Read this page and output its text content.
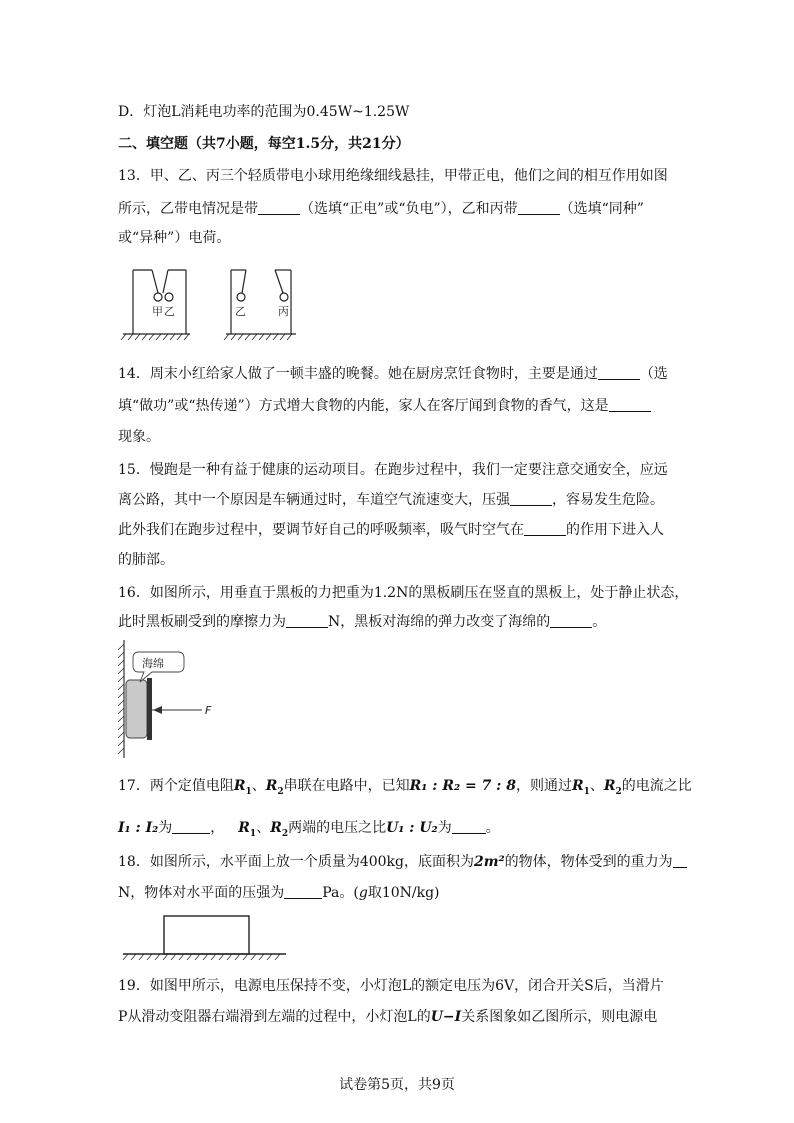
D．灯泡L消耗电功率的范围为0.45W~1.25W
二、填空题（共7小题，每空1.5分，共21分）
13．甲、乙、丙三个轻质带电小球用绝缘细线悬挂，甲带正电，他们之间的相互作用如图
所示，乙带电情况是带	（选填“正电”或“负电”），乙和丙带	（选填“同种”
或“异种”）电荷。
甲 乙	乙	丙
14．周末小红给家人做了一顿丰盛的晚餐。她在厨房烹饪食物时，主要是通过	（选
填“做功”或“热传递”）方式增大食物的内能，家人在客厅闻到食物的香气，这是
现象。
15．慢跑是一种有益于健康的运动项目。在跑步过程中，我们一定要注意交通安全，应远
离公路，其中一个原因是车辆通过时，车道空气流速变大，压强	，容易发生危险。
此外我们在跑步过程中，要调节好自己的呼吸频率，吸气时空气在	的作用下进入人
的肺部。
16．如图所示，用垂直于黑板的力把重为1.2N的黑板刷压在竖直的黑板上，处于静止状态，
此时黑板刷受到的摩擦力为	N，黑板对海绵的弹力改变了海绵的	。
海绵
F
17．两个定值电阻$R_1$、$R_2$串联在电路中，已知R₁ : R₂ = 7 : 8，则通过$R_1$、$R_2$的电流之比
I₁ : I₂为	， $R_1$、$R_2$两端的电压之比U₁ : U₂为 。
18．如图所示，水平面上放一个质量为400kg，底面积为2m²的物体，物体受到的重力为
N，物体对水平面的压强为	Pa。(g取10N/kg)
19．如图甲所示，电源电压保持不变，小灯泡L的额定电压为6V，闭合开关S后，当滑片
P从滑动变阻器右端滑到左端的过程中，小灯泡L的U−I关系图象如乙图所示，则电源电
试卷第5页，共9页
